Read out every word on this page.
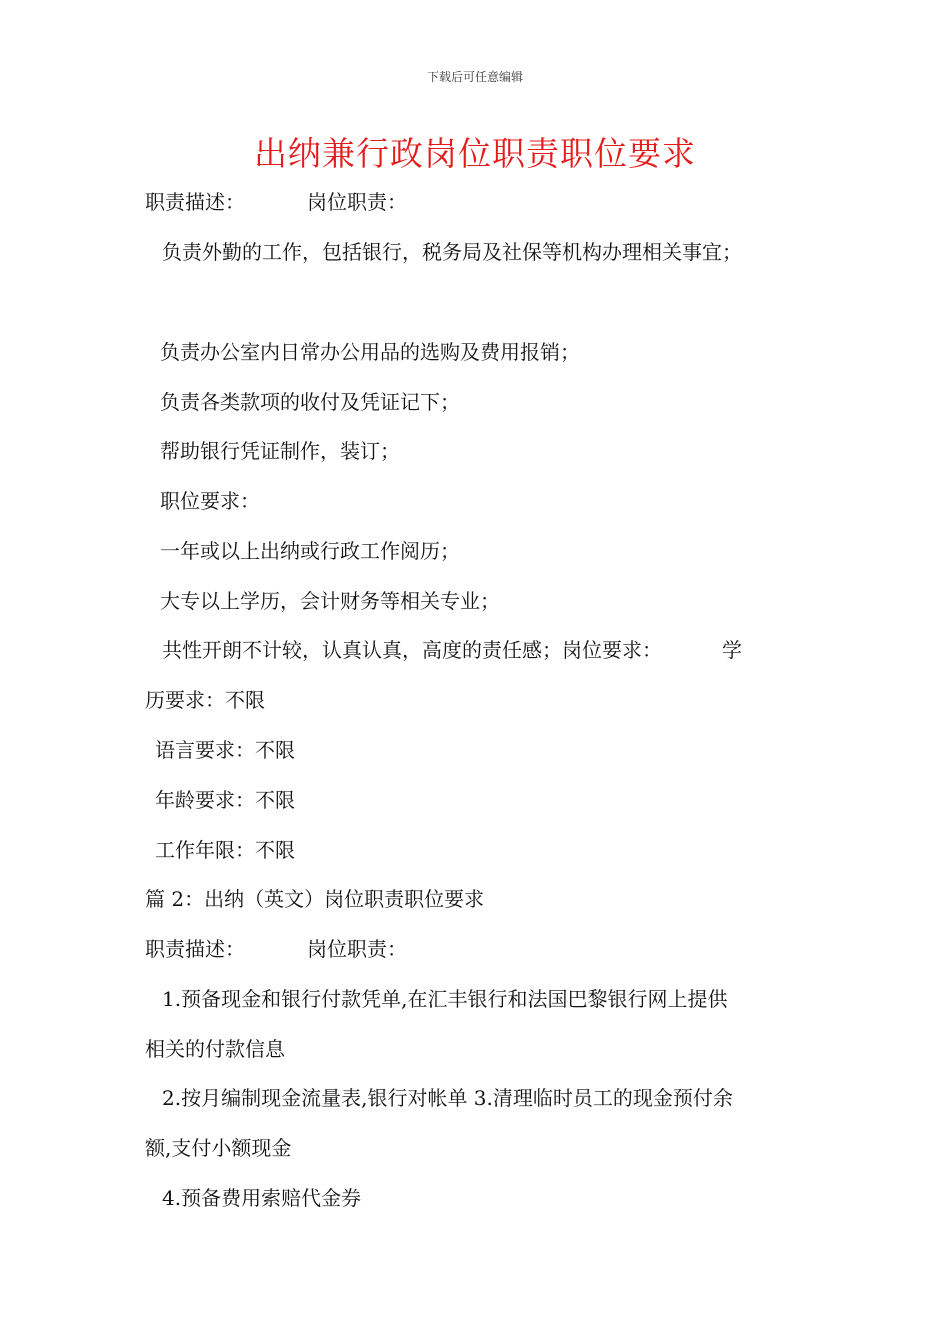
下载后可任意编辑
出纳兼行政岗位职责职位要求
职责描述：	岗位职责：
负责外勤的工作，包括银行，税务局及社保等机构办理相关事宜；
负责办公室内日常办公用品的选购及费用报销；
负责各类款项的收付及凭证记下；
帮助银行凭证制作，装订；
职位要求：
一年或以上出纳或行政工作阅历；
大专以上学历，会计财务等相关专业；
共性开朗不计较，认真认真，高度的责任感；岗位要求：	学
历要求：不限
语言要求：不限
年龄要求：不限
工作年限：不限
篇 2：出纳（英文）岗位职责职位要求
职责描述：	岗位职责：
1.预备现金和银行付款凭单,在汇丰银行和法国巴黎银行网上提供
相关的付款信息
2.按月编制现金流量表,银行对帐单 3.清理临时员工的现金预付余
额,支付小额现金
4.预备费用索赔代金券
